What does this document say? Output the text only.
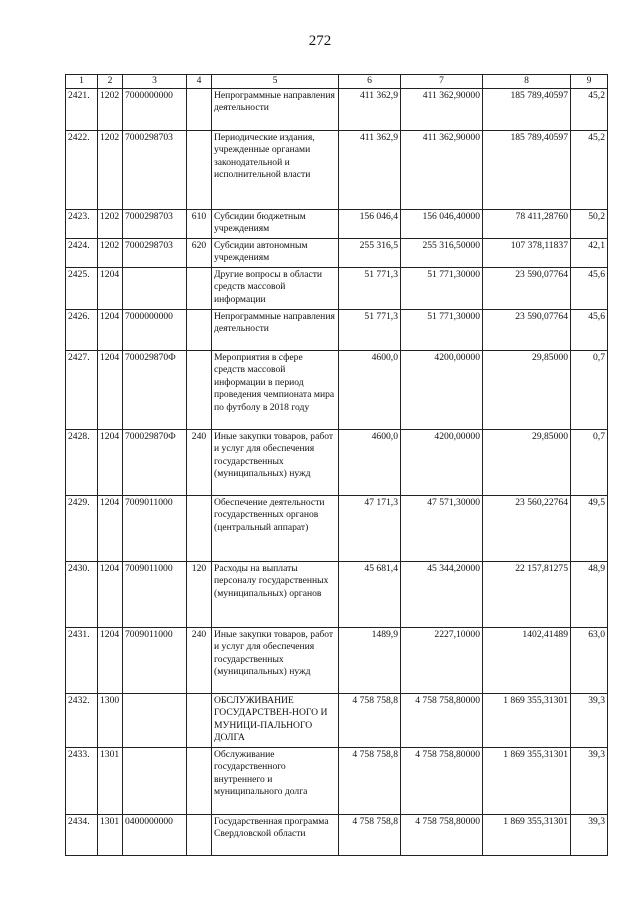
272
1	2	3	4	5	6	7	8	9
2421.	1202	7000000000		Непрограммные направления деятельности	411 362,9	411 362,90000	185 789,40597	45,2
2422.	1202	7000298703		Периодические издания, учрежденные органами законодательной и исполнительной власти	411 362,9	411 362,90000	185 789,40597	45,2
2423.	1202	7000298703	610	Субсидии бюджетным учреждениям	156 046,4	156 046,40000	78 411,28760	50,2
2424.	1202	7000298703	620	Субсидии автономным учреждениям	255 316,5	255 316,50000	107 378,11837	42,1
2425.	1204			Другие вопросы в области средств массовой информации	51 771,3	51 771,30000	23 590,07764	45,6
2426.	1204	7000000000		Непрограммные направления деятельности	51 771,3	51 771,30000	23 590,07764	45,6
2427.	1204	700029870Ф		Мероприятия в сфере средств массовой информации в период проведения чемпионата мира по футболу в 2018 году	4600,0	4200,00000	29,85000	0,7
2428.	1204	700029870Ф	240	Иные закупки товаров, работ и услуг для обеспечения государственных (муниципальных) нужд	4600,0	4200,00000	29,85000	0,7
2429.	1204	7009011000		Обеспечение деятельности государственных органов (центральный аппарат)	47 171,3	47 571,30000	23 560,22764	49,5
2430.	1204	7009011000	120	Расходы на выплаты персоналу государственных (муниципальных) органов	45 681,4	45 344,20000	22 157,81275	48,9
2431.	1204	7009011000	240	Иные закупки товаров, работ и услуг для обеспечения государственных (муниципальных) нужд	1489,9	2227,10000	1402,41489	63,0
2432.	1300			ОБСЛУЖИВАНИЕ ГОСУДАРСТВЕН-НОГО И МУНИЦИ-ПАЛЬНОГО ДОЛГА	4 758 758,8	4 758 758,80000	1 869 355,31301	39,3
2433.	1301			Обслуживание государственного внутреннего и муниципального долга	4 758 758,8	4 758 758,80000	1 869 355,31301	39,3
2434.	1301	0400000000		Государственная программа Свердловской области	4 758 758,8	4 758 758,80000	1 869 355,31301	39,3
